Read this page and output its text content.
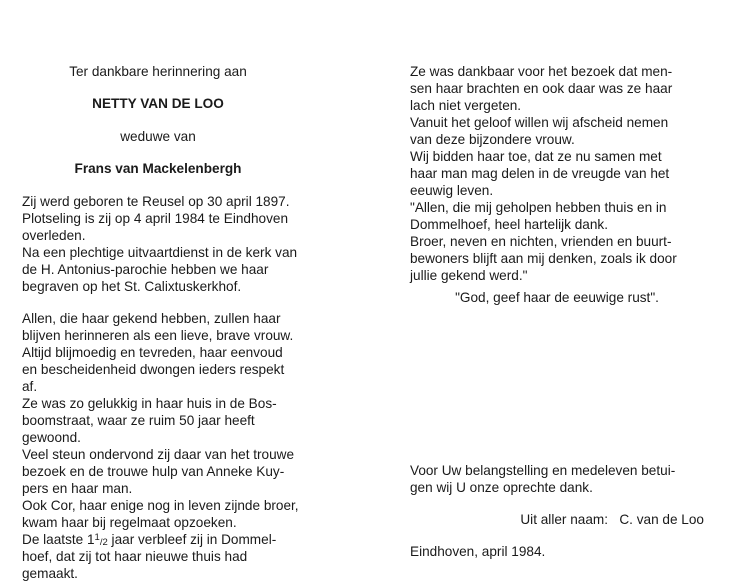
Ter dankbare herinnering aan
NETTY VAN DE LOO
weduwe van
Frans van Mackelenbergh
Zij werd geboren te Reusel op 30 april 1897.
Plotseling is zij op 4 april 1984 te Eindhoven
overleden.
Na een plechtige uitvaartdienst in de kerk van
de H. Antonius-parochie hebben we haar
begraven op het St. Calixtuskerkhof.
Allen, die haar gekend hebben, zullen haar
blijven herinneren als een lieve, brave vrouw.
Altijd blijmoedig en tevreden, haar eenvoud
en bescheidenheid dwongen ieders respekt
af.
Ze was zo gelukkig in haar huis in de Bos-
boomstraat, waar ze ruim 50 jaar heeft
gewoond.
Veel steun ondervond zij daar van het trouwe
bezoek en de trouwe hulp van Anneke Kuy-
pers en haar man.
Ook Cor, haar enige nog in leven zijnde broer,
kwam haar bij regelmaat opzoeken.
De laatste $1^1/2$ jaar verbleef zij in Dommel-
hoef, dat zij tot haar nieuwe thuis had
gemaakt.
Ze was dankbaar voor het bezoek dat men-
sen haar brachten en ook daar was ze haar
lach niet vergeten.
Vanuit het geloof willen wij afscheid nemen
van deze bijzondere vrouw.
Wij bidden haar toe, dat ze nu samen met
haar man mag delen in de vreugde van het
eeuwig leven.
"Allen, die mij geholpen hebben thuis en in
Dommelhoef, heel hartelijk dank.
Broer, neven en nichten, vrienden en buurt-
bewoners blijft aan mij denken, zoals ik door
jullie gekend werd."
"God, geef haar de eeuwige rust".
Voor Uw belangstelling en medeleven betui-
gen wij U onze oprechte dank.
Uit aller naam: C. van de Loo
Eindhoven, april 1984.
